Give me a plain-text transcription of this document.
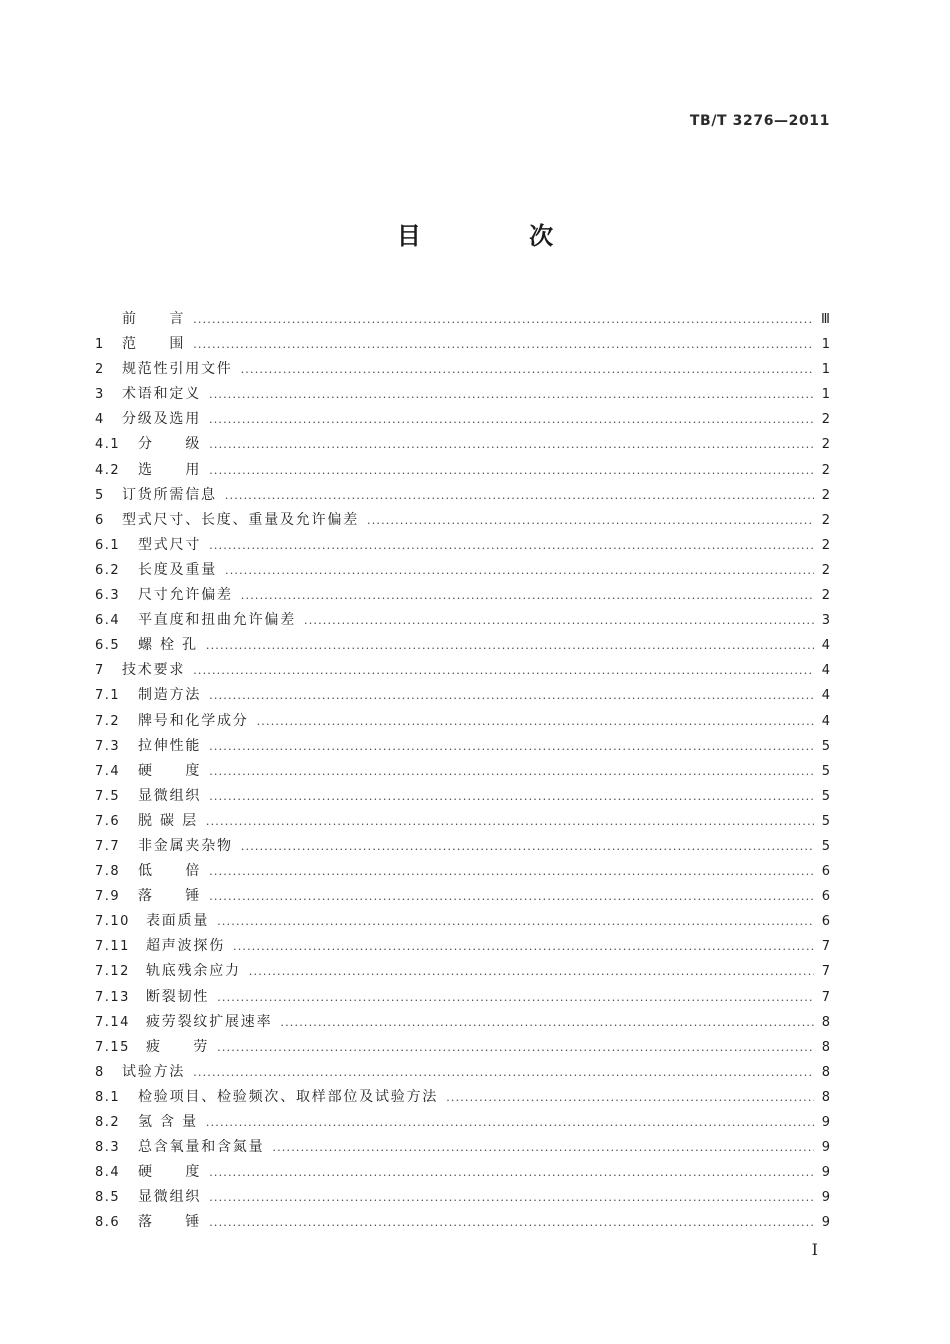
TB/T 3276—2011
目 次
前　　言 .....	Ⅲ
1	范　　围 .....	1
2	规范性引用文件 .....	1
3	术语和定义 .....	1
4	分级及选用 .....	2
4.1	分　　级 .....	2
4.2	选　　用 .....	2
5	订货所需信息 .....	2
6	型式尺寸、长度、重量及允许偏差 .....	2
6.1	型式尺寸 .....	2
6.2	长度及重量 .....	2
6.3	尺寸允许偏差 .....	2
6.4	平直度和扭曲允许偏差 .....	3
6.5	螺 栓 孔 .....	4
7	技术要求 .....	4
7.1	制造方法 .....	4
7.2	牌号和化学成分 .....	4
7.3	拉伸性能 .....	5
7.4	硬　　度 .....	5
7.5	显微组织 .....	5
7.6	脱 碳 层 .....	5
7.7	非金属夹杂物 .....	5
7.8	低　　倍 .....	6
7.9	落　　锤 .....	6
7.10	表面质量 .....	6
7.11	超声波探伤 .....	7
7.12	轨底残余应力 .....	7
7.13	断裂韧性 .....	7
7.14	疲劳裂纹扩展速率 .....	8
7.15	疲　　劳 .....	8
8	试验方法 .....	8
8.1	检验项目、检验频次、取样部位及试验方法 .....	8
8.2	氢 含 量 .....	9
8.3	总含氧量和含氮量 .....	9
8.4	硬　　度 .....	9
8.5	显微组织 .....	9
8.6	落　　锤 .....	9
I
